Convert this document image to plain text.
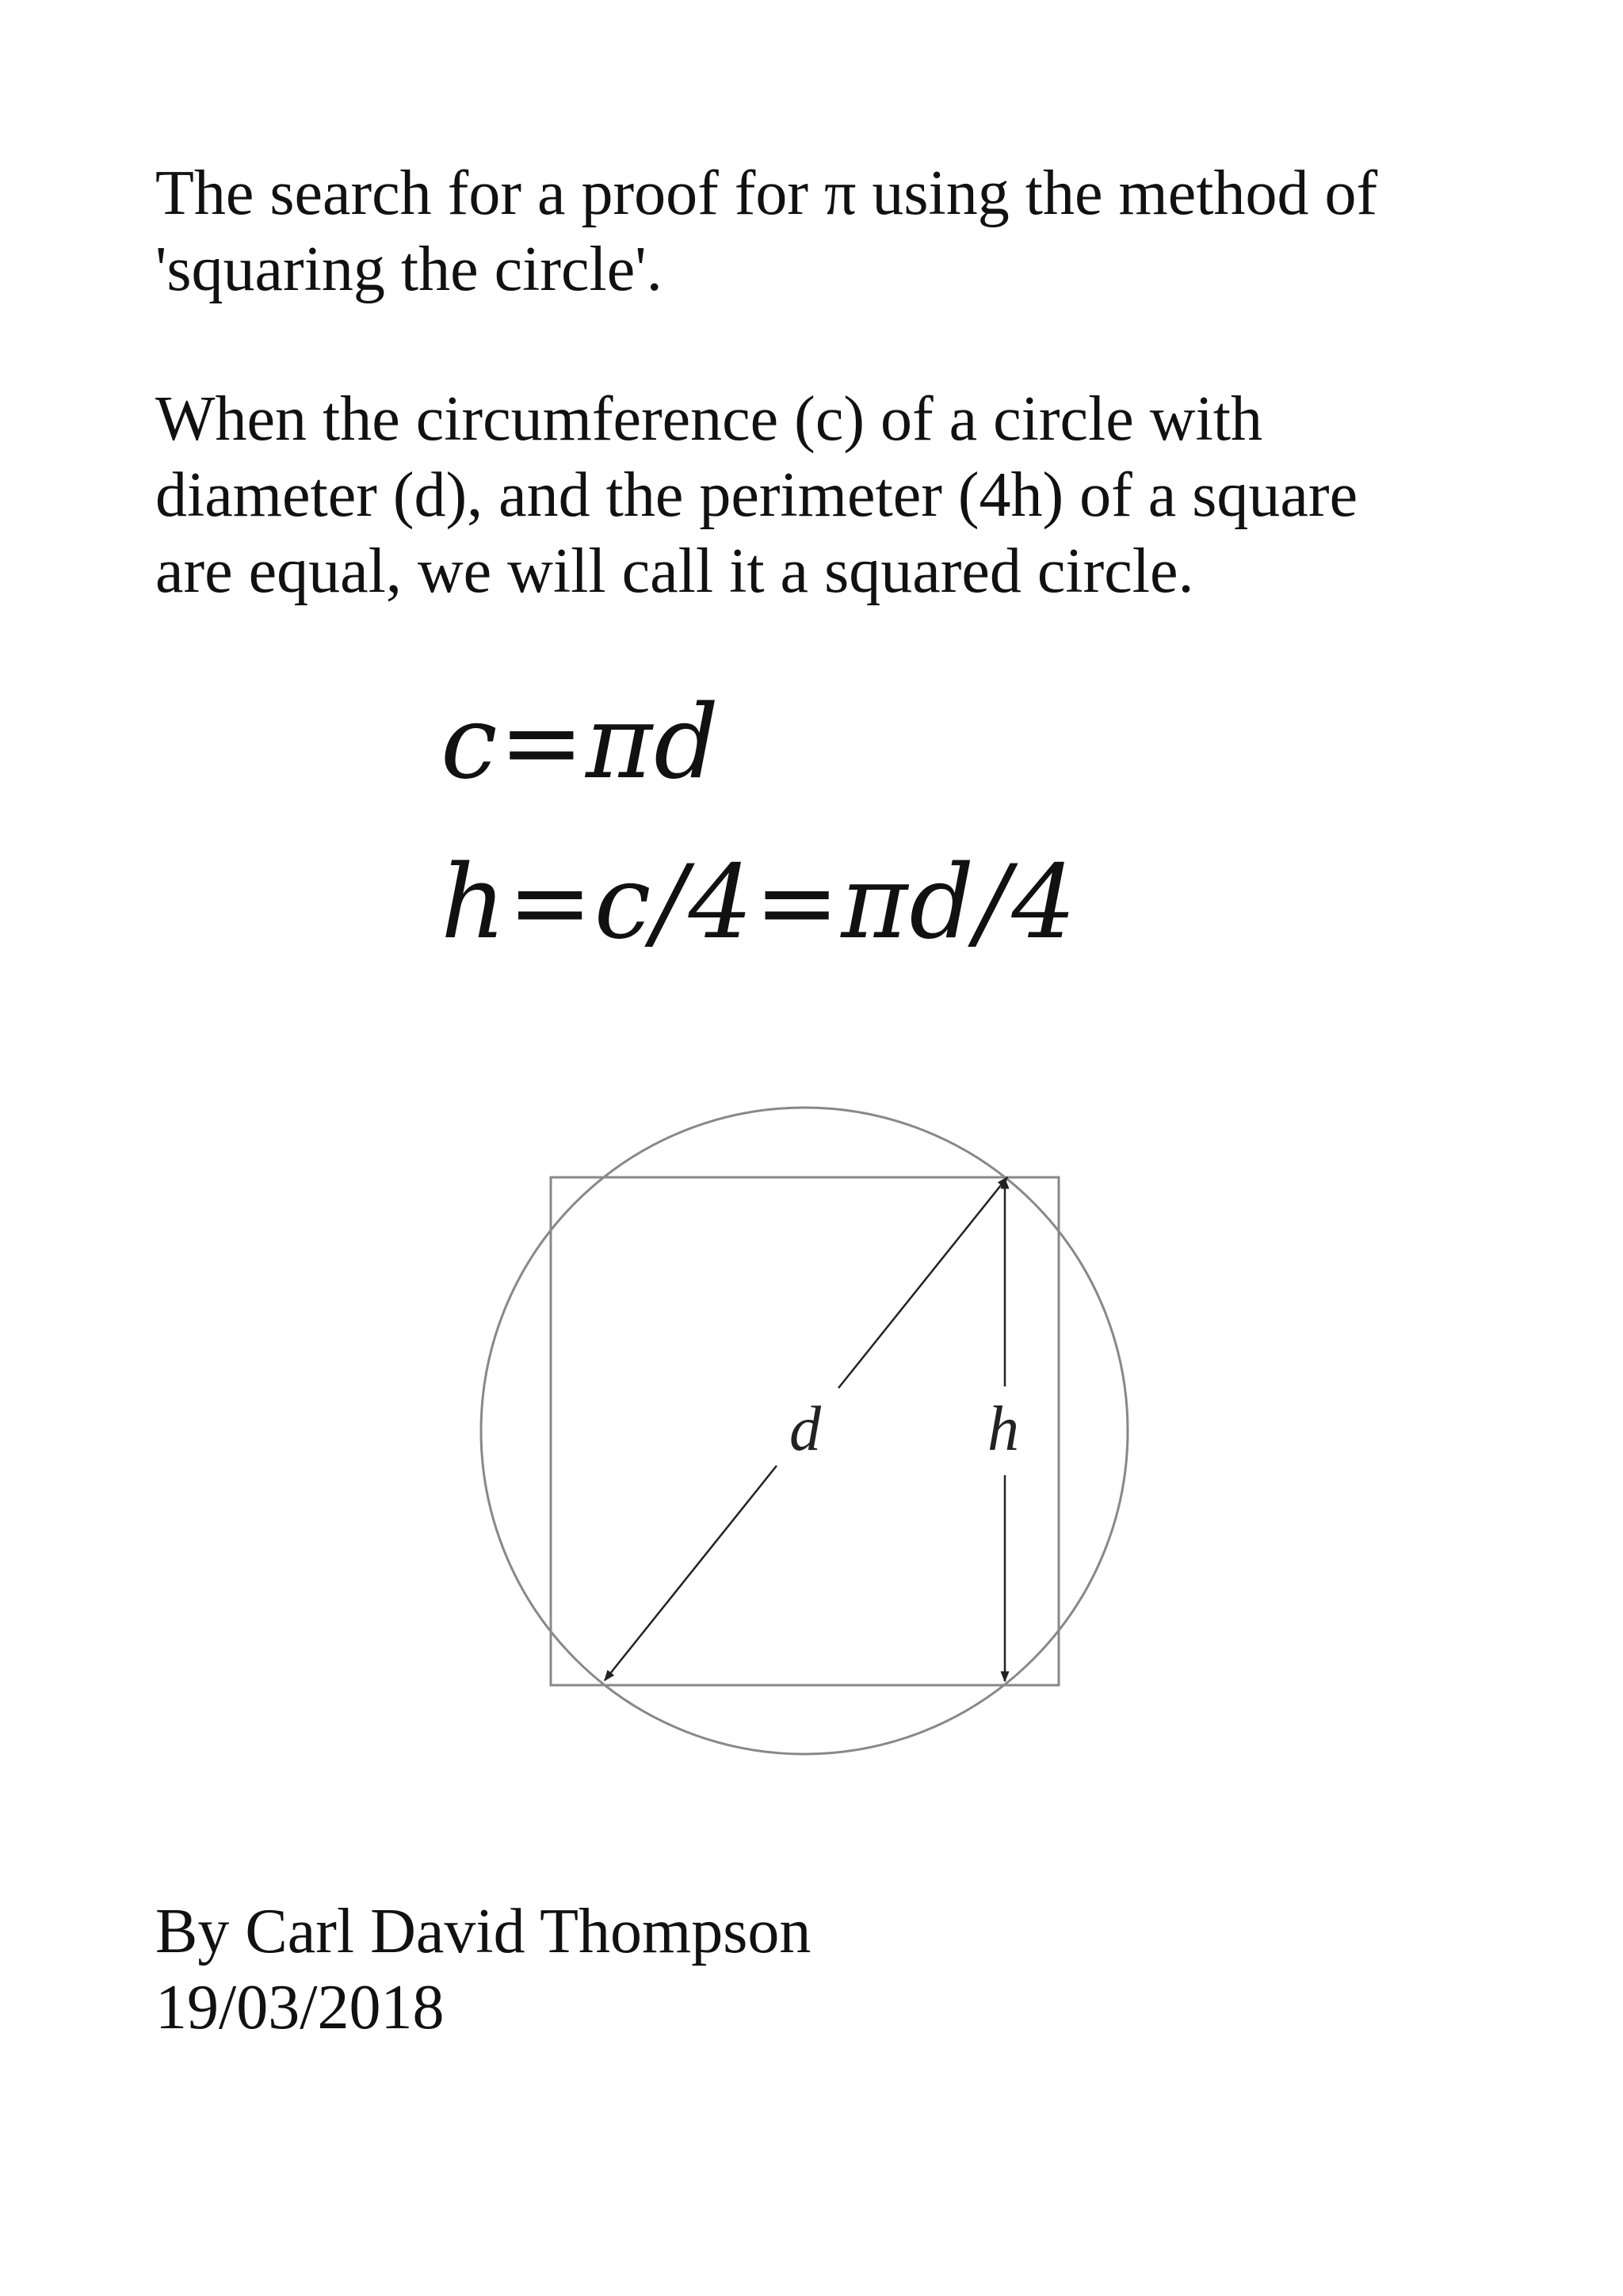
The search for a proof for π using the method of
'squaring the circle'.

When the circumference (c) of a circle with
diameter (d), and the perimeter (4h) of a square
are equal, we will call it a squared circle.

c=πd
h=c/4=πd/4
d	h

By Carl David Thompson
19/03/2018
